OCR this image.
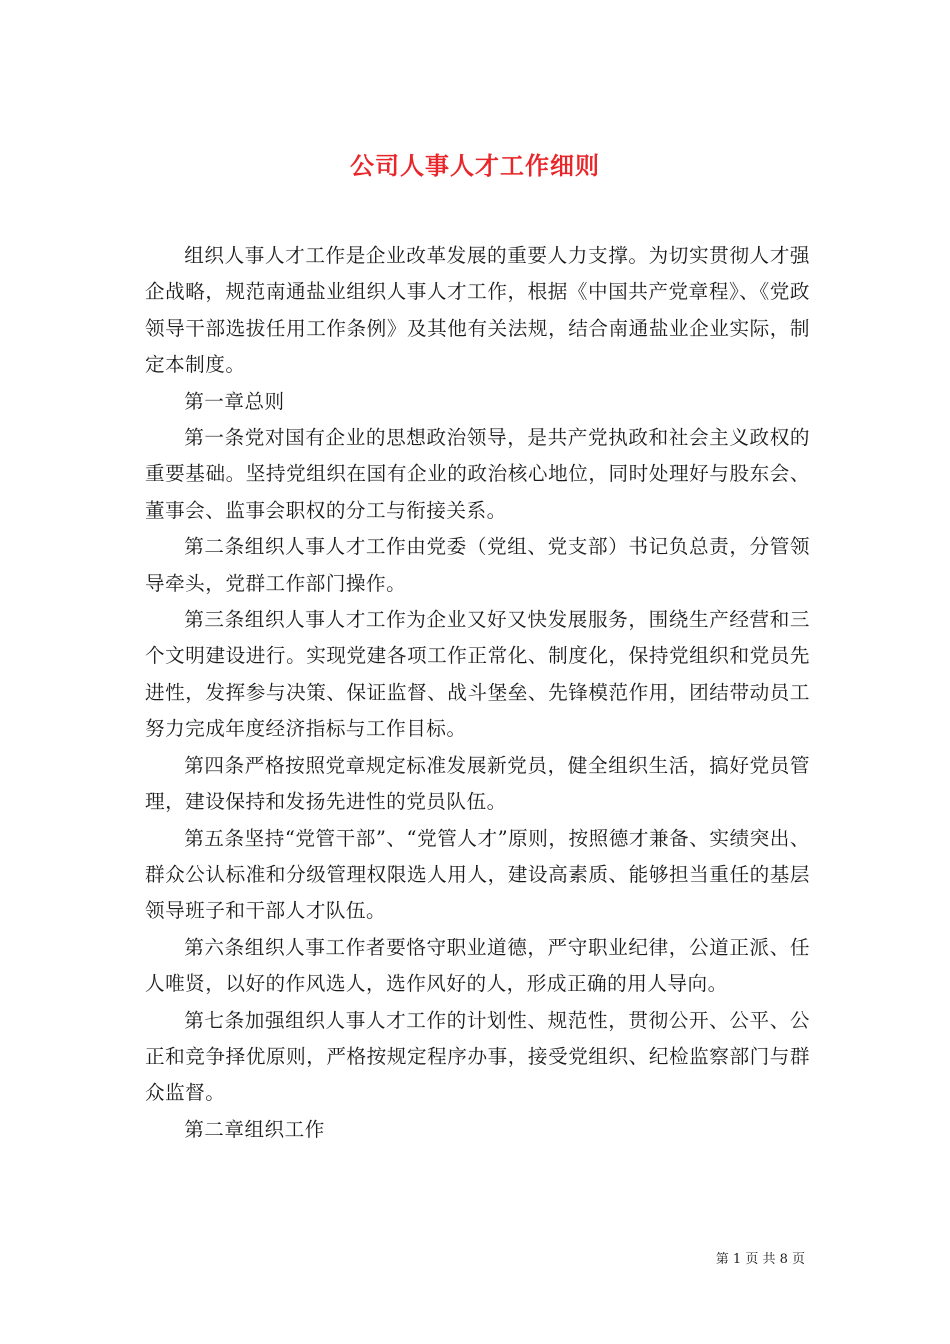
公司人事人才工作细则

组织人事人才工作是企业改革发展的重要人力支撑。为切实贯彻人才强企战略，规范南通盐业组织人事人才工作，根据《中国共产党章程》、《党政领导干部选拔任用工作条例》及其他有关法规，结合南通盐业企业实际，制定本制度。

第一章总则

第一条党对国有企业的思想政治领导，是共产党执政和社会主义政权的重要基础。坚持党组织在国有企业的政治核心地位，同时处理好与股东会、董事会、监事会职权的分工与衔接关系。

第二条组织人事人才工作由党委（党组、党支部）书记负总责，分管领导牵头，党群工作部门操作。

第三条组织人事人才工作为企业又好又快发展服务，围绕生产经营和三个文明建设进行。实现党建各项工作正常化、制度化，保持党组织和党员先进性，发挥参与决策、保证监督、战斗堡垒、先锋模范作用，团结带动员工努力完成年度经济指标与工作目标。

第四条严格按照党章规定标准发展新党员，健全组织生活，搞好党员管理，建设保持和发扬先进性的党员队伍。

第五条坚持“党管干部”、“党管人才”原则，按照德才兼备、实绩突出、群众公认标准和分级管理权限选人用人，建设高素质、能够担当重任的基层领导班子和干部人才队伍。

第六条组织人事工作者要恪守职业道德，严守职业纪律，公道正派、任人唯贤，以好的作风选人，选作风好的人，形成正确的用人导向。

第七条加强组织人事人才工作的计划性、规范性，贯彻公开、公平、公正和竞争择优原则，严格按规定程序办事，接受党组织、纪检监察部门与群众监督。

第二章组织工作

第 1 页 共 8 页
